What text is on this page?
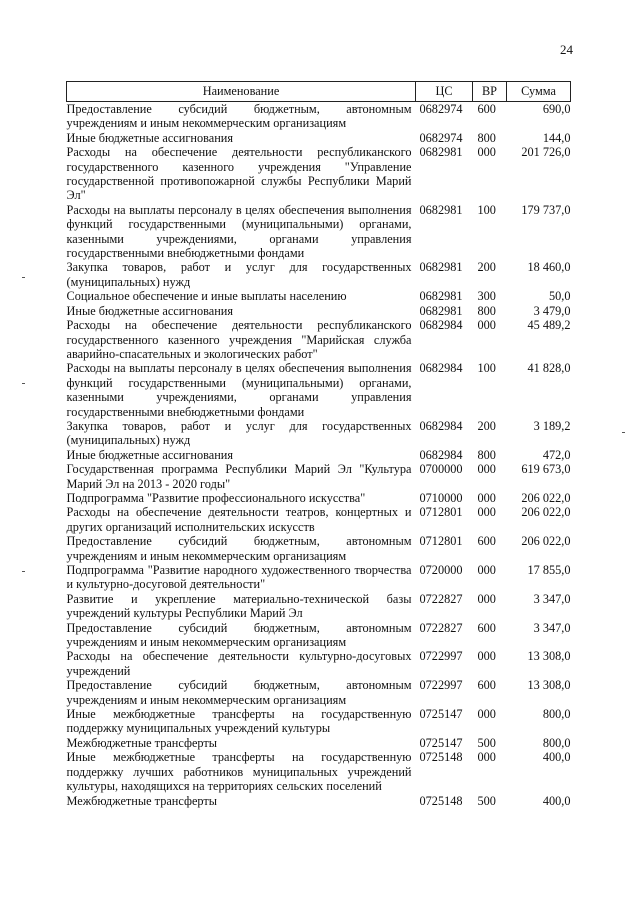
24
Наименование	ЦС	ВР	Сумма
Предоставление субсидий бюджетным, автономным учреждениям и иным некоммерческим организациям	0682974	600	690,0
Иные бюджетные ассигнования	0682974	800	144,0
Расходы на обеспечение деятельности республиканского государственного казенного учреждения "Управление государственной противопожарной службы Республики Марий Эл"	0682981	000	201 726,0
Расходы на выплаты персоналу в целях обеспечения выполнения функций государственными (муниципальными) органами, казенными учреждениями, органами управления государственными внебюджетными фондами	0682981	100	179 737,0
Закупка товаров, работ и услуг для государственных (муниципальных) нужд	0682981	200	18 460,0
Социальное обеспечение и иные выплаты населению	0682981	300	50,0
Иные бюджетные ассигнования	0682981	800	3 479,0
Расходы на обеспечение деятельности республиканского государственного казенного учреждения "Марийская служба аварийно-спасательных и экологических работ"	0682984	000	45 489,2
Расходы на выплаты персоналу в целях обеспечения выполнения функций государственными (муниципальными) органами, казенными учреждениями, органами управления государственными внебюджетными фондами	0682984	100	41 828,0
Закупка товаров, работ и услуг для государственных (муниципальных) нужд	0682984	200	3 189,2
Иные бюджетные ассигнования	0682984	800	472,0
Государственная программа Республики Марий Эл "Культура Марий Эл на 2013 - 2020 годы"	0700000	000	619 673,0
Подпрограмма "Развитие профессионального искусства"	0710000	000	206 022,0
Расходы на обеспечение деятельности театров, концертных и других организаций исполнительских искусств	0712801	000	206 022,0
Предоставление субсидий бюджетным, автономным учреждениям и иным некоммерческим организациям	0712801	600	206 022,0
Подпрограмма "Развитие народного художественного творчества и культурно-досуговой деятельности"	0720000	000	17 855,0
Развитие и укрепление материально-технической базы учреждений культуры Республики Марий Эл	0722827	000	3 347,0
Предоставление субсидий бюджетным, автономным учреждениям и иным некоммерческим организациям	0722827	600	3 347,0
Расходы на обеспечение деятельности культурно-досуговых учреждений	0722997	000	13 308,0
Предоставление субсидий бюджетным, автономным учреждениям и иным некоммерческим организациям	0722997	600	13 308,0
Иные межбюджетные трансферты на государственную поддержку муниципальных учреждений культуры	0725147	000	800,0
Межбюджетные трансферты	0725147	500	800,0
Иные межбюджетные трансферты на государственную поддержку лучших работников муниципальных учреждений культуры, находящихся на территориях сельских поселений	0725148	000	400,0
Межбюджетные трансферты	0725148	500	400,0
